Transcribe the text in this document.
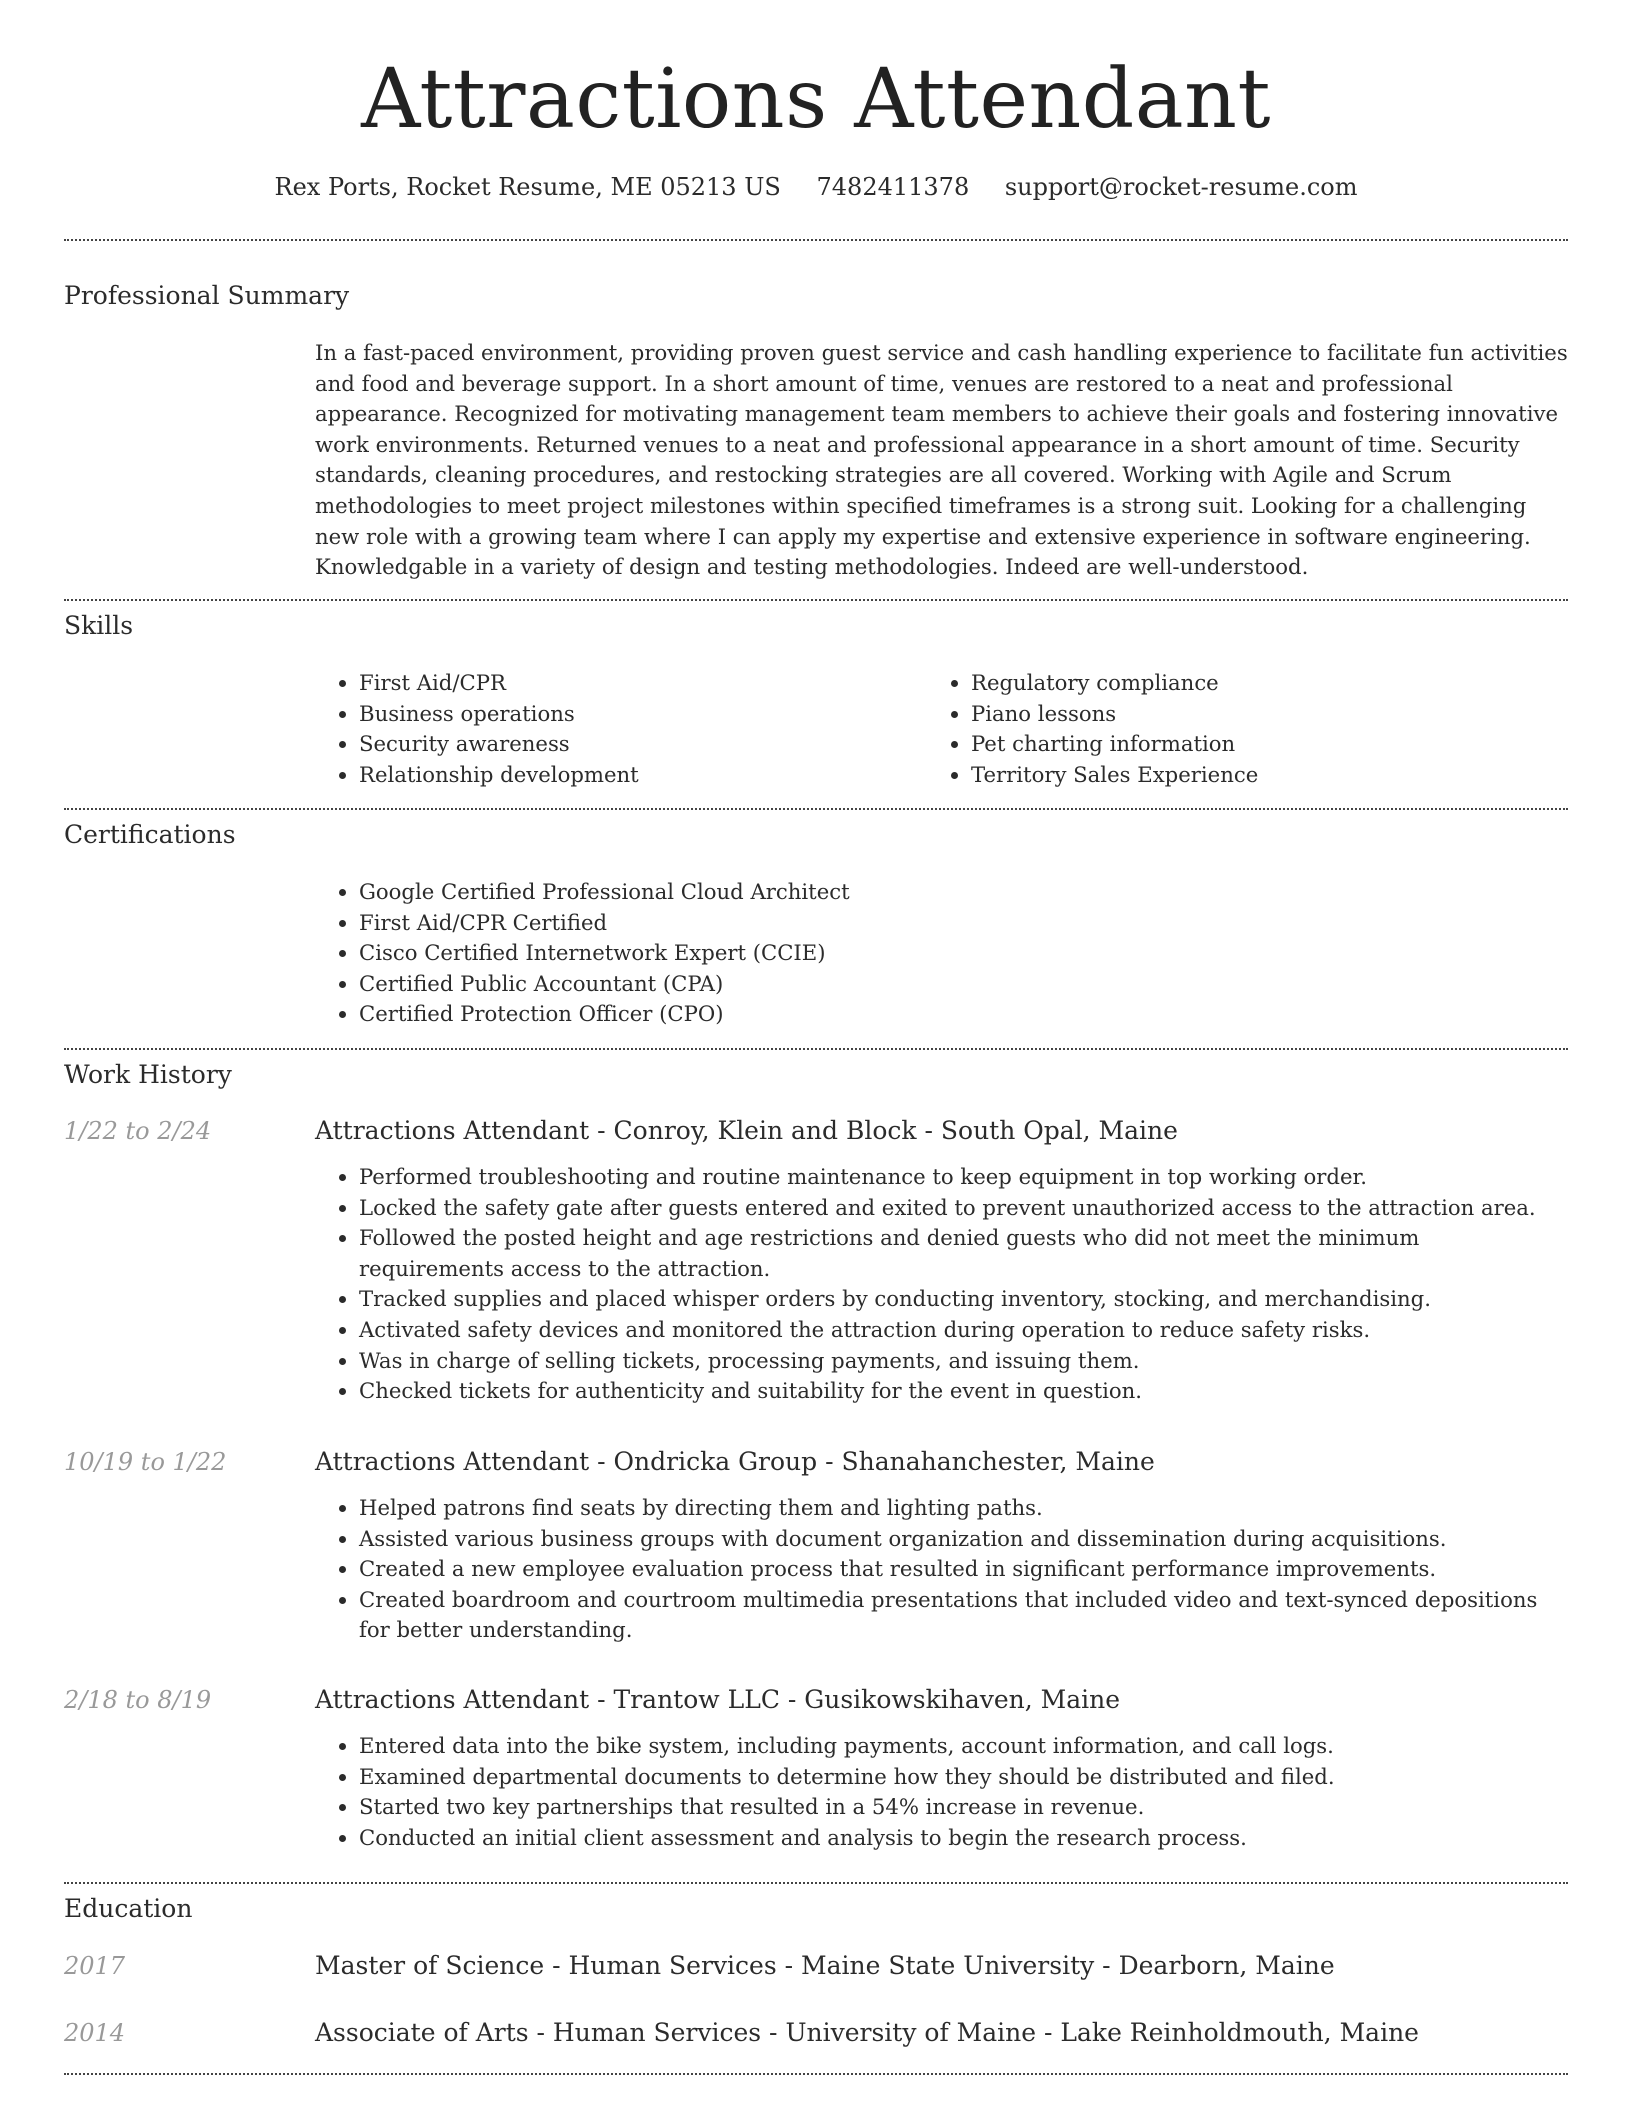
Attractions Attendant
Rex Ports, Rocket Resume, ME 05213 US 7482411378 support@rocket-resume.com
Professional Summary

In a fast-paced environment, providing proven guest service and cash handling experience to facilitate fun activities and food and beverage support. In a short amount of time, venues are restored to a neat and professional appearance. Recognized for motivating management team members to achieve their goals and fostering innovative work environments. Returned venues to a neat and professional appearance in a short amount of time. Security standards, cleaning procedures, and restocking strategies are all covered. Working with Agile and Scrum methodologies to meet project milestones within specified timeframes is a strong suit. Looking for a challenging new role with a growing team where I can apply my expertise and extensive experience in software engineering. Knowledgable in a variety of design and testing methodologies. Indeed are well-understood.

Skills
• First Aid/CPR
• Business operations
• Security awareness
• Relationship development
• Regulatory compliance
• Piano lessons
• Pet charting information
• Territory Sales Experience
Certifications
• Google Certified Professional Cloud Architect
• First Aid/CPR Certified
• Cisco Certified Internetwork Expert (CCIE)
• Certified Public Accountant (CPA)
• Certified Protection Officer (CPO)
Work History
1/22 to 2/24	Attractions Attendant - Conroy, Klein and Block - South Opal, Maine
• Performed troubleshooting and routine maintenance to keep equipment in top working order.
• Locked the safety gate after guests entered and exited to prevent unauthorized access to the attraction area.
• Followed the posted height and age restrictions and denied guests who did not meet the minimum requirements access to the attraction.
• Tracked supplies and placed whisper orders by conducting inventory, stocking, and merchandising.
• Activated safety devices and monitored the attraction during operation to reduce safety risks.
• Was in charge of selling tickets, processing payments, and issuing them.
• Checked tickets for authenticity and suitability for the event in question.
10/19 to 1/22	Attractions Attendant - Ondricka Group - Shanahanchester, Maine
• Helped patrons find seats by directing them and lighting paths.
• Assisted various business groups with document organization and dissemination during acquisitions.
• Created a new employee evaluation process that resulted in significant performance improvements.
• Created boardroom and courtroom multimedia presentations that included video and text-synced depositions for better understanding.
2/18 to 8/19	Attractions Attendant - Trantow LLC - Gusikowskihaven, Maine
• Entered data into the bike system, including payments, account information, and call logs.
• Examined departmental documents to determine how they should be distributed and filed.
• Started two key partnerships that resulted in a 54% increase in revenue.
• Conducted an initial client assessment and analysis to begin the research process.
Education
2017	Master of Science - Human Services - Maine State University - Dearborn, Maine
2014	Associate of Arts - Human Services - University of Maine - Lake Reinholdmouth, Maine
